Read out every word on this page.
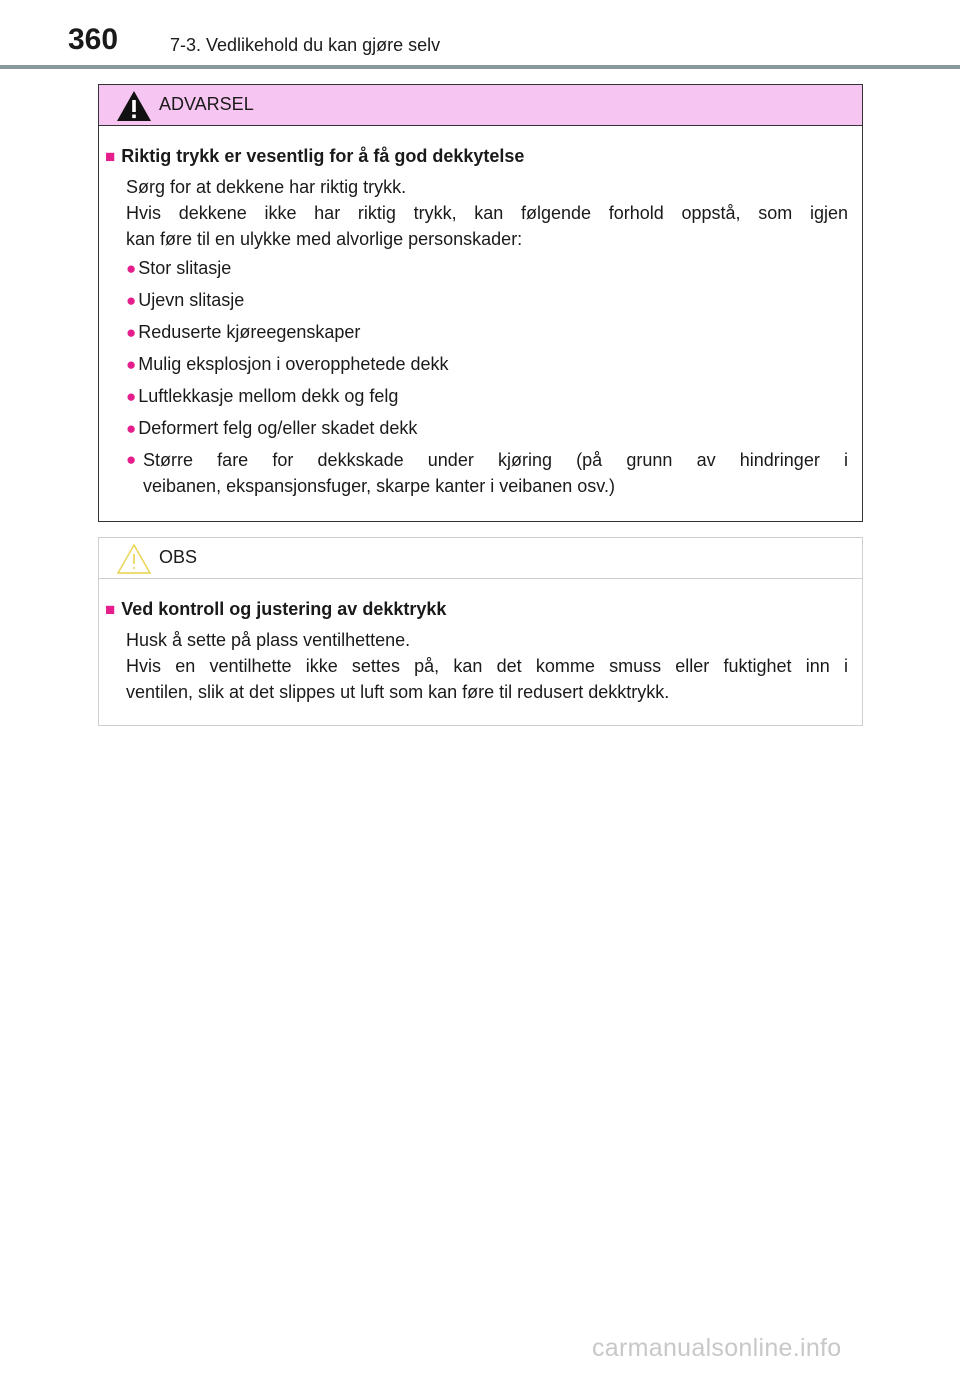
360	7-3. Vedlikehold du kan gjøre selv
ADVARSEL
■ Riktig trykk er vesentlig for å få god dekkytelse
Sørg for at dekkene har riktig trykk.
Hvis dekkene ikke har riktig trykk, kan følgende forhold oppstå, som igjen
kan føre til en ulykke med alvorlige personskader:
● Stor slitasje
● Ujevn slitasje
● Reduserte kjøreegenskaper
● Mulig eksplosjon i overopphetede dekk
● Luftlekkasje mellom dekk og felg
● Deformert felg og/eller skadet dekk
● Større fare for dekkskade under kjøring (på grunn av hindringer i
veibanen, ekspansjonsfuger, skarpe kanter i veibanen osv.)
OBS
■ Ved kontroll og justering av dekktrykk
Husk å sette på plass ventilhettene.
Hvis en ventilhette ikke settes på, kan det komme smuss eller fuktighet inn i
ventilen, slik at det slippes ut luft som kan føre til redusert dekktrykk.
carmanualsonline.info
